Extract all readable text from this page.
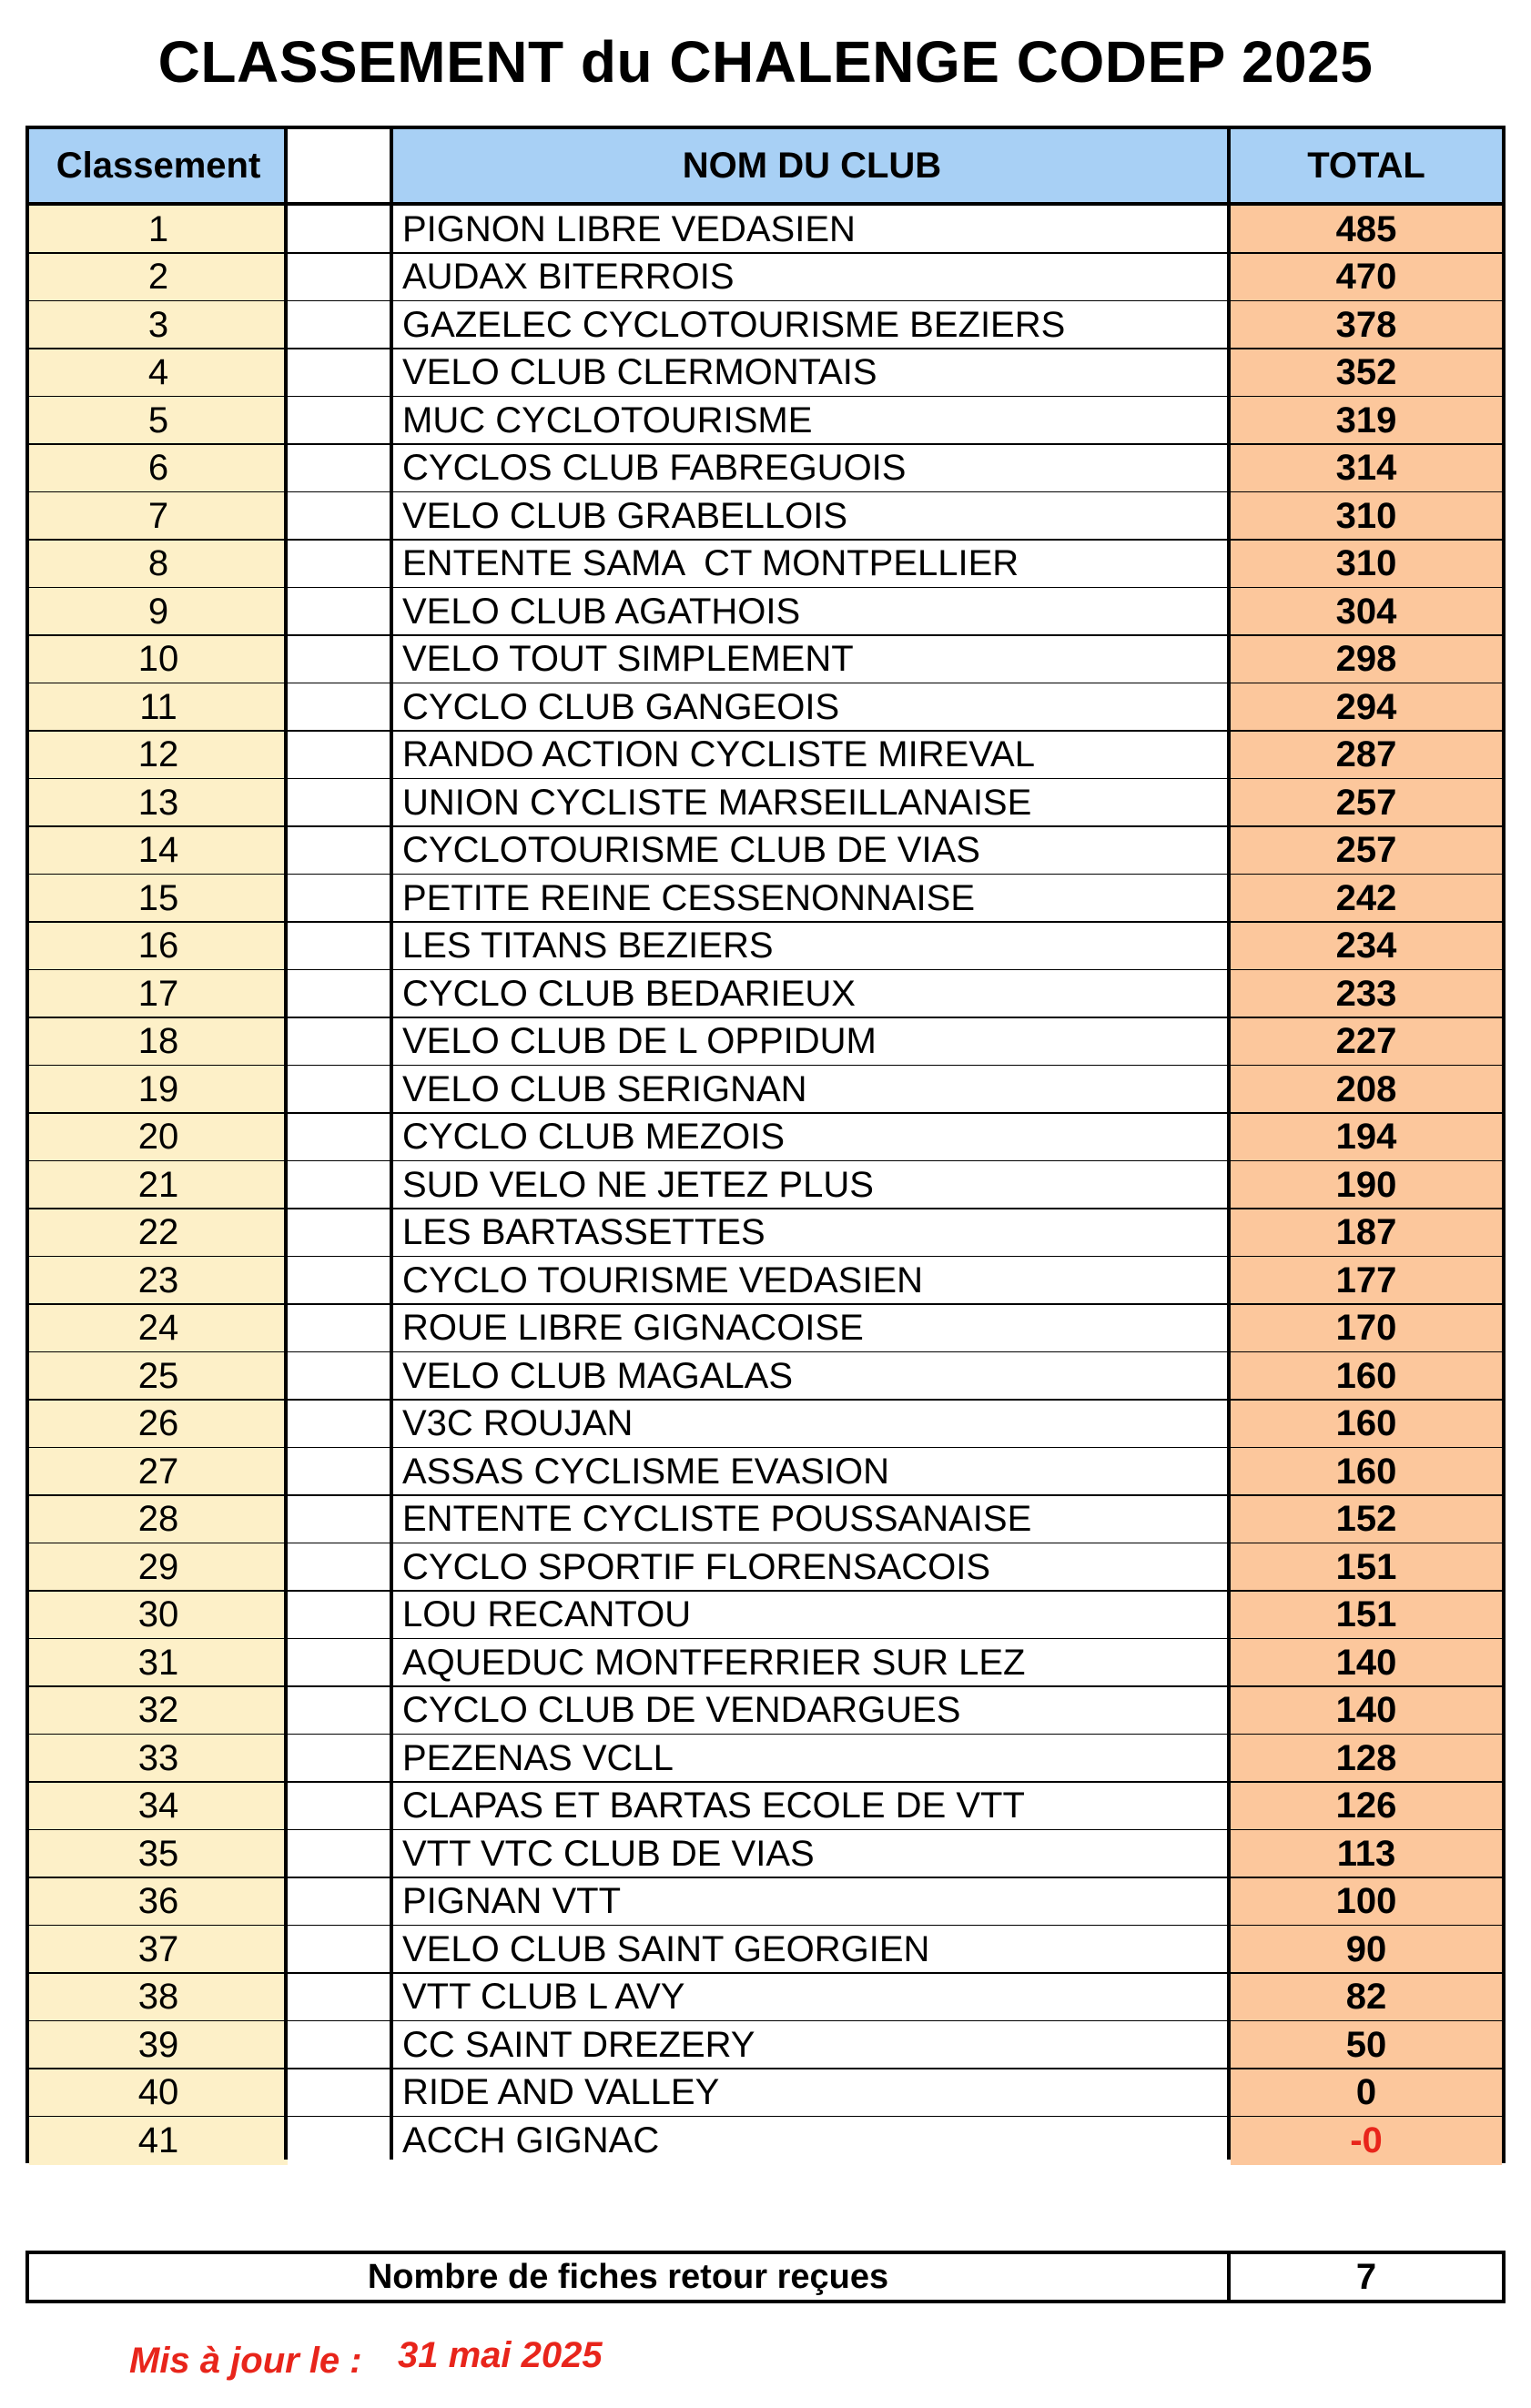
CLASSEMENT du CHALENGE CODEP 2025
Classement	NOM DU CLUB	TOTAL
1	PIGNON LIBRE VEDASIEN	485
2	AUDAX BITERROIS	470
3	GAZELEC CYCLOTOURISME BEZIERS	378
4	VELO CLUB CLERMONTAIS	352
5	MUC CYCLOTOURISME	319
6	CYCLOS CLUB FABREGUOIS	314
7	VELO CLUB GRABELLOIS	310
8	ENTENTE SAMA  CT MONTPELLIER	310
9	VELO CLUB AGATHOIS	304
10	VELO TOUT SIMPLEMENT	298
11	CYCLO CLUB GANGEOIS	294
12	RANDO ACTION CYCLISTE MIREVAL	287
13	UNION CYCLISTE MARSEILLANAISE	257
14	CYCLOTOURISME CLUB DE VIAS	257
15	PETITE REINE CESSENONNAISE	242
16	LES TITANS BEZIERS	234
17	CYCLO CLUB BEDARIEUX	233
18	VELO CLUB DE L OPPIDUM	227
19	VELO CLUB SERIGNAN	208
20	CYCLO CLUB MEZOIS	194
21	SUD VELO NE JETEZ PLUS	190
22	LES BARTASSETTES	187
23	CYCLO TOURISME VEDASIEN	177
24	ROUE LIBRE GIGNACOISE	170
25	VELO CLUB MAGALAS	160
26	V3C ROUJAN	160
27	ASSAS CYCLISME EVASION	160
28	ENTENTE CYCLISTE POUSSANAISE	152
29	CYCLO SPORTIF FLORENSACOIS	151
30	LOU RECANTOU	151
31	AQUEDUC MONTFERRIER SUR LEZ	140
32	CYCLO CLUB DE VENDARGUES	140
33	PEZENAS VCLL	128
34	CLAPAS ET BARTAS ECOLE DE VTT	126
35	VTT VTC CLUB DE VIAS	113
36	PIGNAN VTT	100
37	VELO CLUB SAINT GEORGIEN	90
38	VTT CLUB L AVY	82
39	CC SAINT DREZERY	50
40	RIDE AND VALLEY	0
41	ACCH GIGNAC	-0
Nombre de fiches retour reçues	7
Mis à jour le : 31 mai 2025
